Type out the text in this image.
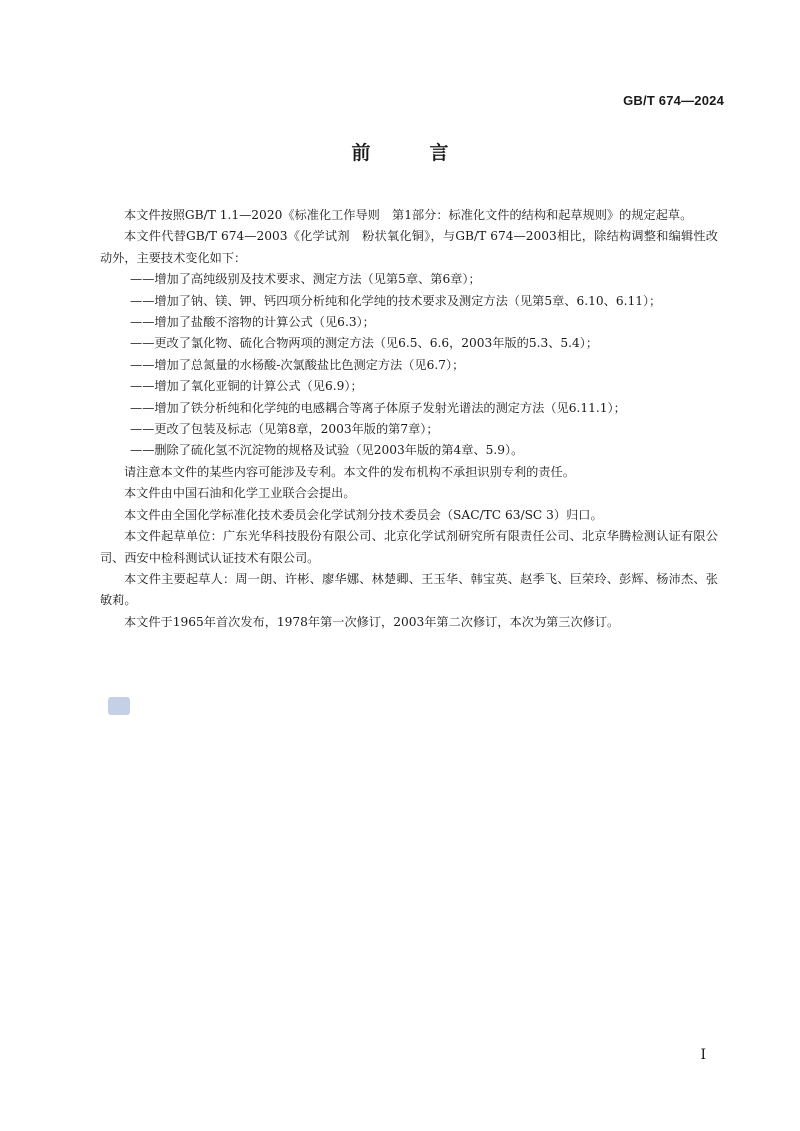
GB/T 674—2024
前　言

本文件按照GB/T 1.1—2020《标准化工作导则　第1部分：标准化文件的结构和起草规则》的规定起草。

本文件代替GB/T 674—2003《化学试剂　粉状氧化铜》，与GB/T 674—2003相比，除结构调整和编辑性改动外，主要技术变化如下：

——增加了高纯级别及技术要求、测定方法（见第5章、第6章）；

——增加了钠、镁、钾、钙四项分析纯和化学纯的技术要求及测定方法（见第5章、6.10、6.11）；

——增加了盐酸不溶物的计算公式（见6.3）；

——更改了氯化物、硫化合物两项的测定方法（见6.5、6.6，2003年版的5.3、5.4）；

——增加了总氮量的水杨酸-次氯酸盐比色测定方法（见6.7）；

——增加了氧化亚铜的计算公式（见6.9）；

——增加了铁分析纯和化学纯的电感耦合等离子体原子发射光谱法的测定方法（见6.11.1）；

——更改了包装及标志（见第8章，2003年版的第7章）；

——删除了硫化氢不沉淀物的规格及试验（见2003年版的第4章、5.9）。

请注意本文件的某些内容可能涉及专利。本文件的发布机构不承担识别专利的责任。

本文件由中国石油和化学工业联合会提出。

本文件由全国化学标准化技术委员会化学试剂分技术委员会（SAC/TC 63/SC 3）归口。

本文件起草单位：广东光华科技股份有限公司、北京化学试剂研究所有限责任公司、北京华腾检测认证有限公司、西安中检科测试认证技术有限公司。

本文件主要起草人：周一朗、许彬、廖华娜、林楚卿、王玉华、韩宝英、赵季飞、巨荣玲、彭辉、杨沛杰、张敏莉。

本文件于1965年首次发布，1978年第一次修订，2003年第二次修订，本次为第三次修订。

I
